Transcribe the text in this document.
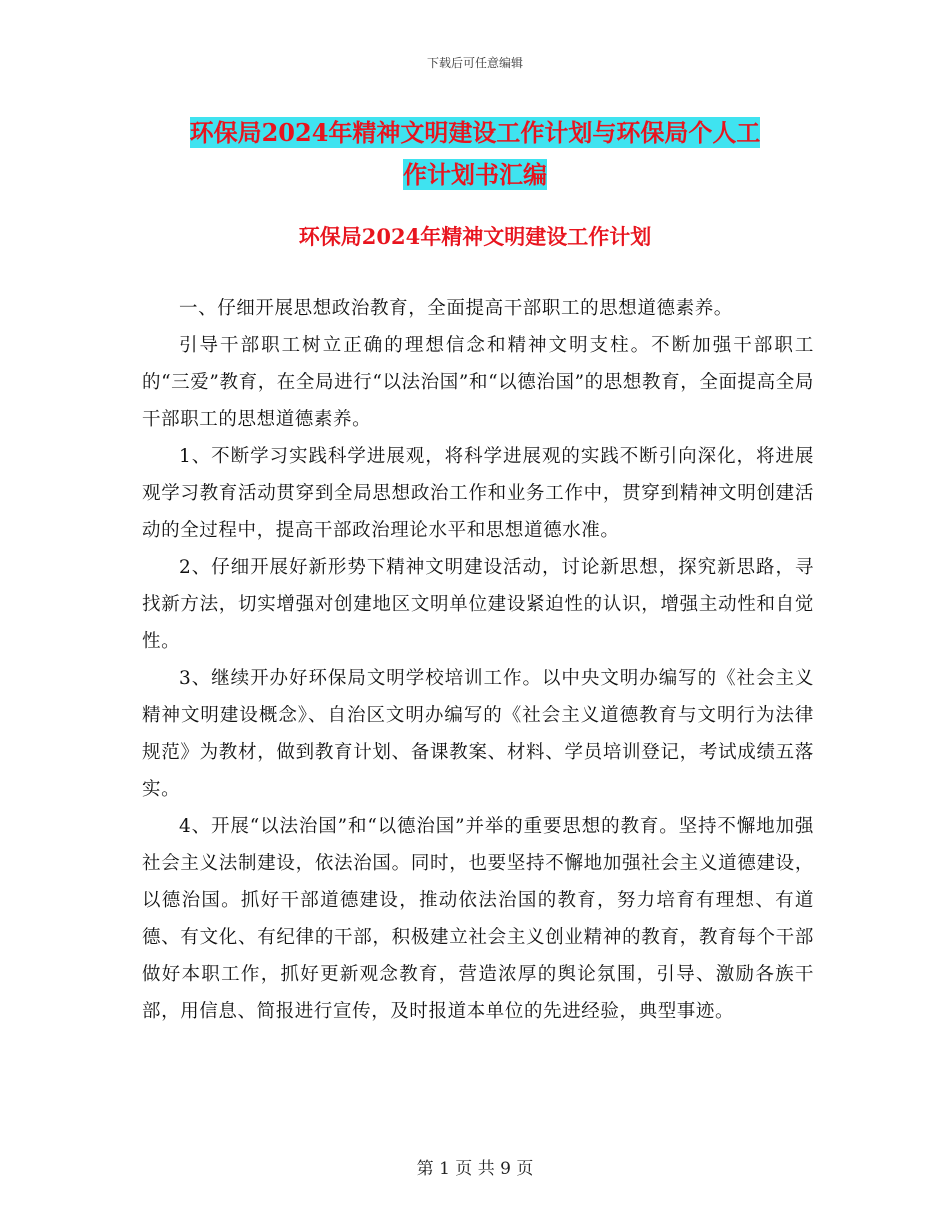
下载后可任意编辑
环保局2024年精神文明建设工作计划与环保局个人工
作计划书汇编
环保局2024年精神文明建设工作计划

一、仔细开展思想政治教育，全面提高干部职工的思想道德素养。

引导干部职工树立正确的理想信念和精神文明支柱。不断加强干部职工的“三爱”教育，在全局进行“以法治国”和“以德治国”的思想教育，全面提高全局干部职工的思想道德素养。

1、不断学习实践科学进展观，将科学进展观的实践不断引向深化，将进展观学习教育活动贯穿到全局思想政治工作和业务工作中，贯穿到精神文明创建活动的全过程中，提高干部政治理论水平和思想道德水准。

2、仔细开展好新形势下精神文明建设活动，讨论新思想，探究新思路，寻找新方法，切实增强对创建地区文明单位建设紧迫性的认识，增强主动性和自觉性。

3、继续开办好环保局文明学校培训工作。以中央文明办编写的《社会主义精神文明建设概念》、自治区文明办编写的《社会主义道德教育与文明行为法律规范》为教材，做到教育计划、备课教案、材料、学员培训登记，考试成绩五落实。

4、开展“以法治国”和“以德治国”并举的重要思想的教育。坚持不懈地加强社会主义法制建设，依法治国。同时，也要坚持不懈地加强社会主义道德建设，以德治国。抓好干部道德建设，推动依法治国的教育，努力培育有理想、有道德、有文化、有纪律的干部，积极建立社会主义创业精神的教育，教育每个干部做好本职工作，抓好更新观念教育，营造浓厚的舆论氛围，引导、激励各族干部，用信息、简报进行宣传，及时报道本单位的先进经验，典型事迹。

第 1 页 共 9 页
